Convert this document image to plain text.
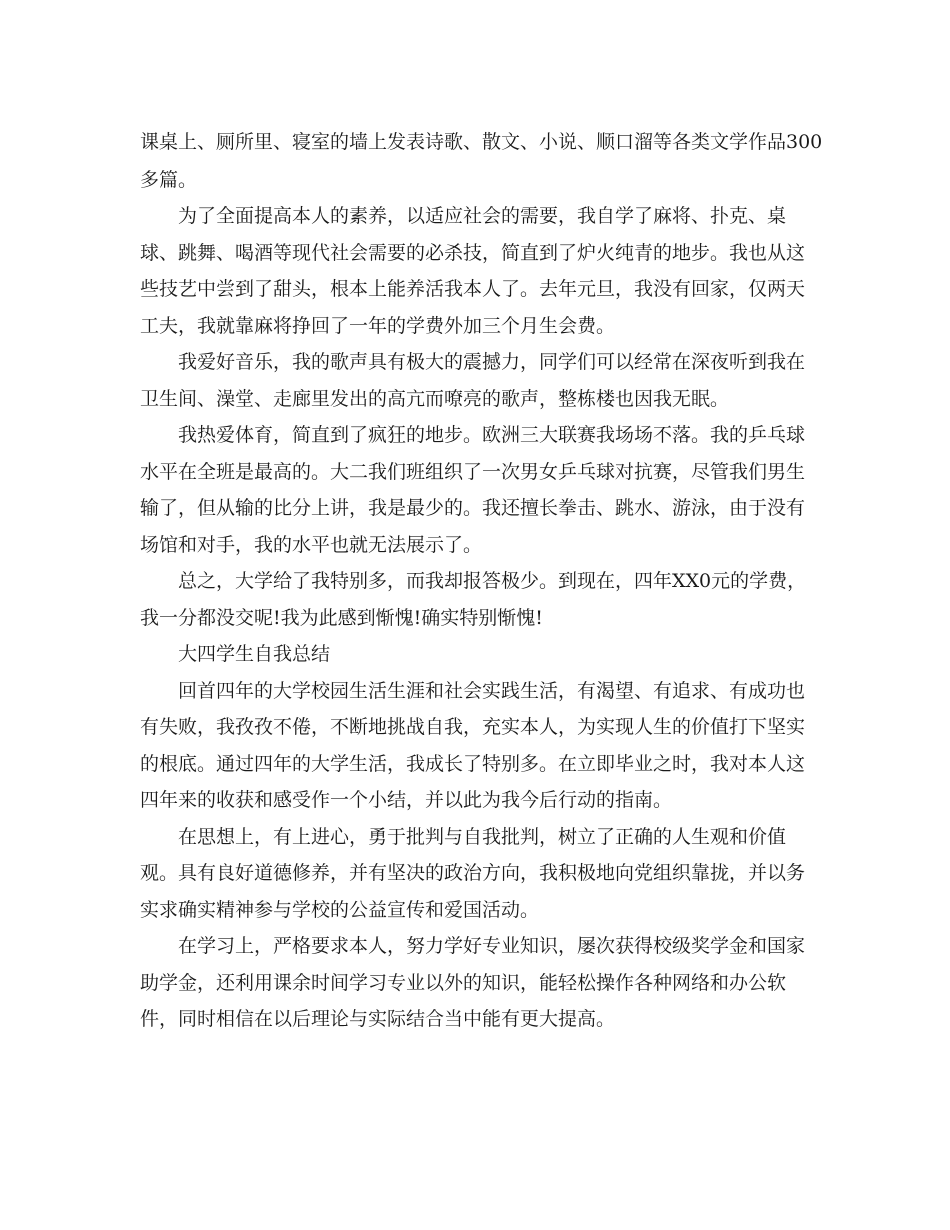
课桌上、厕所里、寝室的墙上发表诗歌、散文、小说、顺口溜等各类文学作品300
多篇。
为了全面提高本人的素养，以适应社会的需要，我自学了麻将、扑克、桌
球、跳舞、喝酒等现代社会需要的必杀技，简直到了炉火纯青的地步。我也从这
些技艺中尝到了甜头，根本上能养活我本人了。去年元旦，我没有回家，仅两天
工夫，我就靠麻将挣回了一年的学费外加三个月生会费。
我爱好音乐，我的歌声具有极大的震撼力，同学们可以经常在深夜听到我在
卫生间、澡堂、走廊里发出的高亢而嘹亮的歌声，整栋楼也因我无眠。
我热爱体育，简直到了疯狂的地步。欧洲三大联赛我场场不落。我的乒乓球
水平在全班是最高的。大二我们班组织了一次男女乒乓球对抗赛，尽管我们男生
输了，但从输的比分上讲，我是最少的。我还擅长拳击、跳水、游泳，由于没有
场馆和对手，我的水平也就无法展示了。
总之，大学给了我特别多，而我却报答极少。到现在，四年XX0元的学费，
我一分都没交呢!我为此感到惭愧!确实特别惭愧!
大四学生自我总结
回首四年的大学校园生活生涯和社会实践生活，有渴望、有追求、有成功也
有失败，我孜孜不倦，不断地挑战自我，充实本人，为实现人生的价值打下坚实
的根底。通过四年的大学生活，我成长了特别多。在立即毕业之时，我对本人这
四年来的收获和感受作一个小结，并以此为我今后行动的指南。
在思想上，有上进心，勇于批判与自我批判，树立了正确的人生观和价值
观。具有良好道德修养，并有坚决的政治方向，我积极地向党组织靠拢，并以务
实求确实精神参与学校的公益宣传和爱国活动。
在学习上，严格要求本人，努力学好专业知识，屡次获得校级奖学金和国家
助学金，还利用课余时间学习专业以外的知识，能轻松操作各种网络和办公软
件，同时相信在以后理论与实际结合当中能有更大提高。
